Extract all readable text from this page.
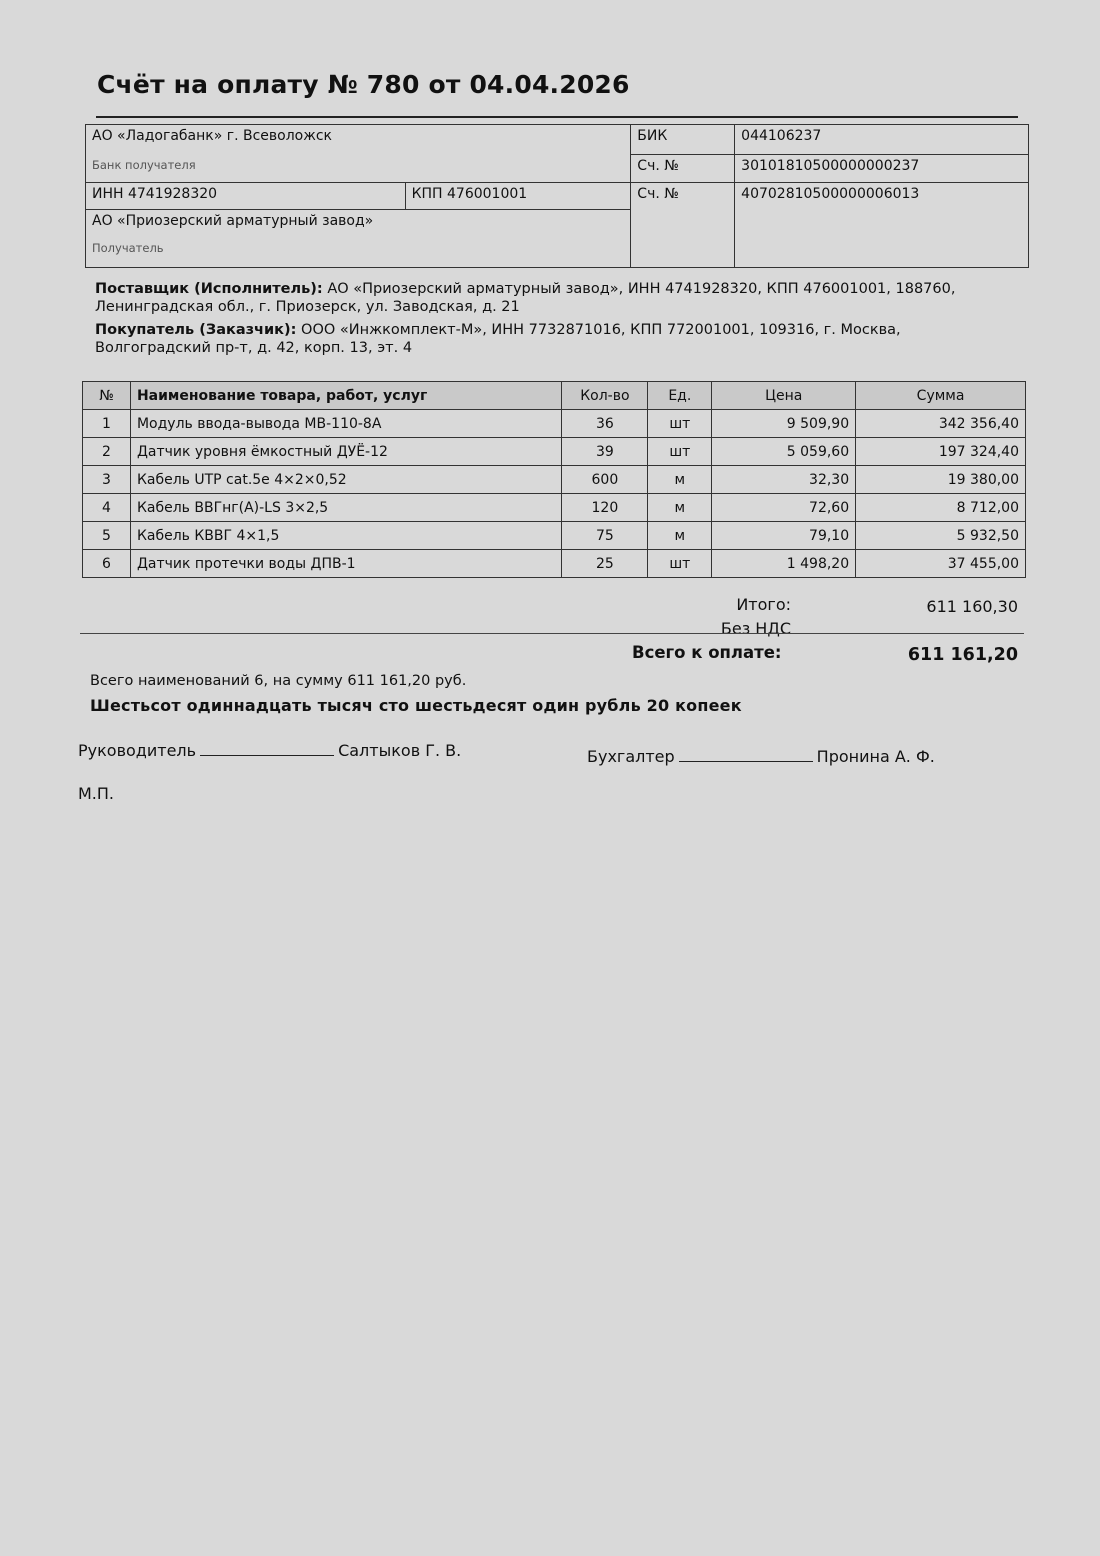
Счёт на оплату № 780 от 04.04.2026
АО «Ладогабанк» г. Всеволожск		БИК	044106237
Банк получателя		Сч. №	30101810500000000237
ИНН 4741928320	КПП 476001001	Сч. №	40702810500000006013
АО «Приозерский арматурный завод»			
Получатель			

Поставщик (Исполнитель): АО «Приозерский арматурный завод», ИНН 4741928320, КПП 476001001, 188760, Ленинградская обл., г. Приозерск, ул. Заводская, д. 21

Покупатель (Заказчик): ООО «Инжкомплект-М», ИНН 7732871016, КПП 772001001, 109316, г. Москва, Волгоградский пр-т, д. 42, корп. 13, эт. 4

№	Наименование товара, работ, услуг	Кол-во	Ед.	Цена	Сумма
1	Модуль ввода-вывода МВ-110-8А	36	шт	9 509,90	342 356,40
2	Датчик уровня ёмкостный ДУЁ-12	39	шт	5 059,60	197 324,40
3	Кабель UTP cat.5e 4×2×0,52	600	м	32,30	19 380,00
4	Кабель ВВГнг(А)-LS 3×2,5	120	м	72,60	8 712,00
5	Кабель КВВГ 4×1,5	75	м	79,10	5 932,50
6	Датчик протечки воды ДПВ-1	25	шт	1 498,20	37 455,00
Итого:	611 160,30
Без НДС
Всего к оплате:	611 161,20
Всего наименований 6, на сумму 611 161,20 руб.
Шестьсот одиннадцать тысяч сто шестьдесят один рубль 20 копеек
Руководитель	Салтыков Г. В.	Бухгалтер	Пронина А. Ф.
М.П.
